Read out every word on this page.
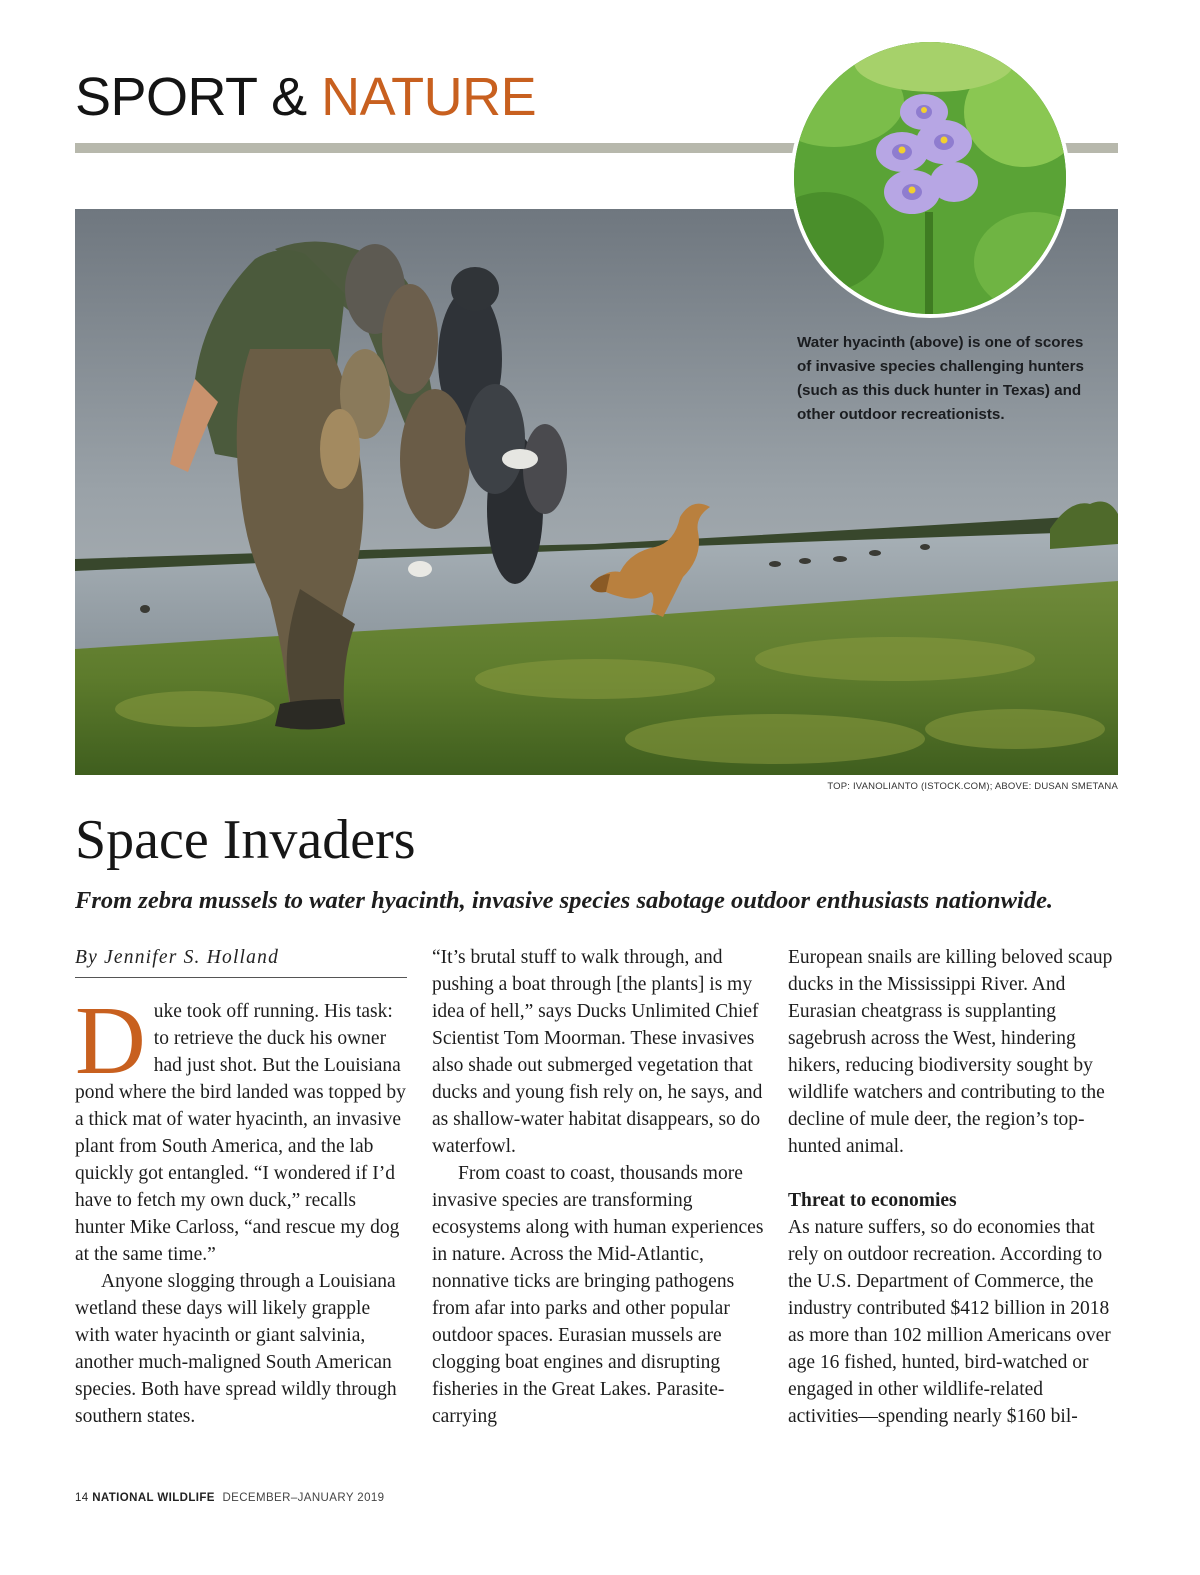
SPORT & NATURE
Water hyacinth (above) is one of scores of invasive species challenging hunters (such as this duck hunter in Texas) and other outdoor recreationists.
TOP: IVANOLIANTO (ISTOCK.COM); ABOVE: DUSAN SMETANA
Space Invaders

From zebra mussels to water hyacinth, invasive species sabotage outdoor enthusiasts nationwide.

By Jennifer S. Holland

Duke took off running. His task: to retrieve the duck his owner had just shot. But the Louisiana pond where the bird landed was topped by a thick mat of water hyacinth, an invasive plant from South America, and the lab quickly got entangled. “I wondered if I’d have to fetch my own duck,” recalls hunter Mike Carloss, “and rescue my dog at the same time.”

Anyone slogging through a Louisiana wetland these days will likely grapple with water hyacinth or giant salvinia, another much-maligned South American species. Both have spread wildly through southern states.

“It’s brutal stuff to walk through, and pushing a boat through [the plants] is my idea of hell,” says Ducks Unlimited Chief Scientist Tom Moorman. These invasives also shade out submerged vegetation that ducks and young fish rely on, he says, and as shallow-water habitat disappears, so do waterfowl.

From coast to coast, thousands more invasive species are transforming ecosystems along with human experiences in nature. Across the Mid-Atlantic, nonnative ticks are bringing pathogens from afar into parks and other popular outdoor spaces. Eurasian mussels are clogging boat engines and disrupting fisheries in the Great Lakes. Parasite-carrying

European snails are killing beloved scaup ducks in the Mississippi River. And Eurasian cheatgrass is supplanting sagebrush across the West, hindering hikers, reducing biodiversity sought by wildlife watchers and contributing to the decline of mule deer, the region’s top-hunted animal.

Threat to economies

As nature suffers, so do economies that rely on outdoor recreation. According to the U.S. Department of Commerce, the industry contributed $412 billion in 2018 as more than 102 million Americans over age 16 fished, hunted, bird-watched or engaged in other wildlife-related activities—spending nearly $160 bil-

14 NATIONAL WILDLIFE DECEMBER–JANUARY 2019
